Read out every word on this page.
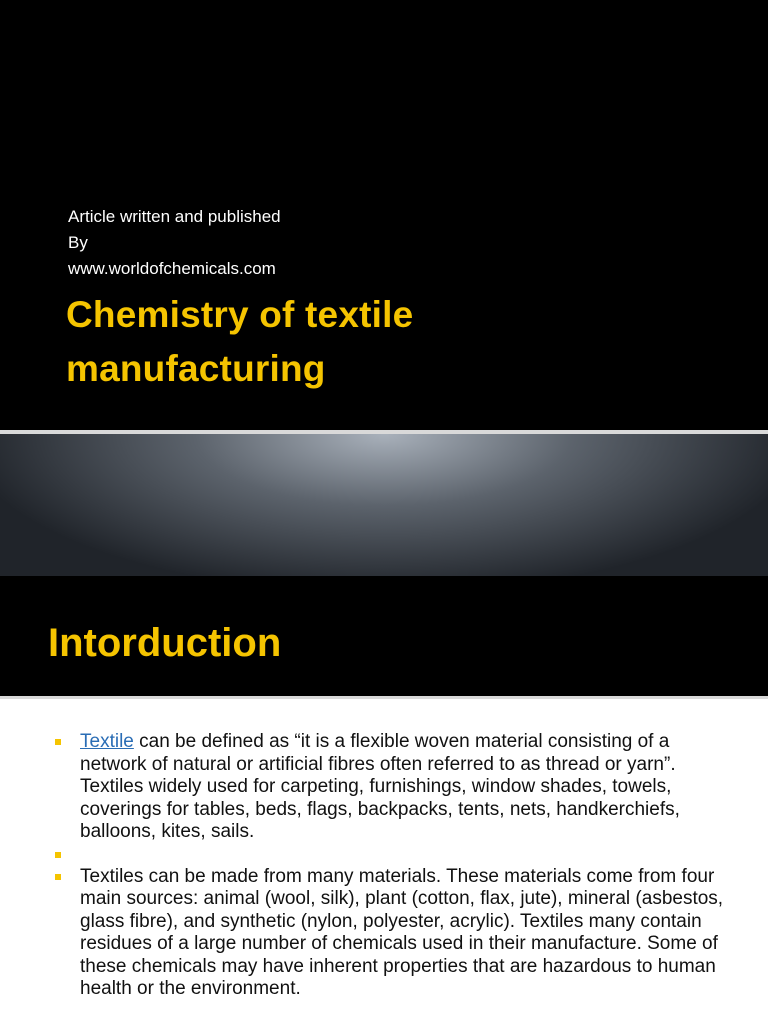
Article written and published
By
www.worldofchemicals.com
Chemistry of textile
manufacturing
Intorduction
Textile can be defined as “it is a flexible woven material consisting of a network of natural or artificial fibres often referred to as thread or yarn”. Textiles widely used for carpeting, furnishings, window shades, towels, coverings for tables, beds, flags, backpacks, tents, nets, handkerchiefs, balloons, kites, sails.
Textiles can be made from many materials. These materials come from four main sources: animal (wool, silk), plant (cotton, flax, jute), mineral (asbestos, glass fibre), and synthetic (nylon, polyester, acrylic). Textiles many contain residues of a large number of chemicals used in their manufacture. Some of these chemicals may have inherent properties that are hazardous to human health or the environment.
